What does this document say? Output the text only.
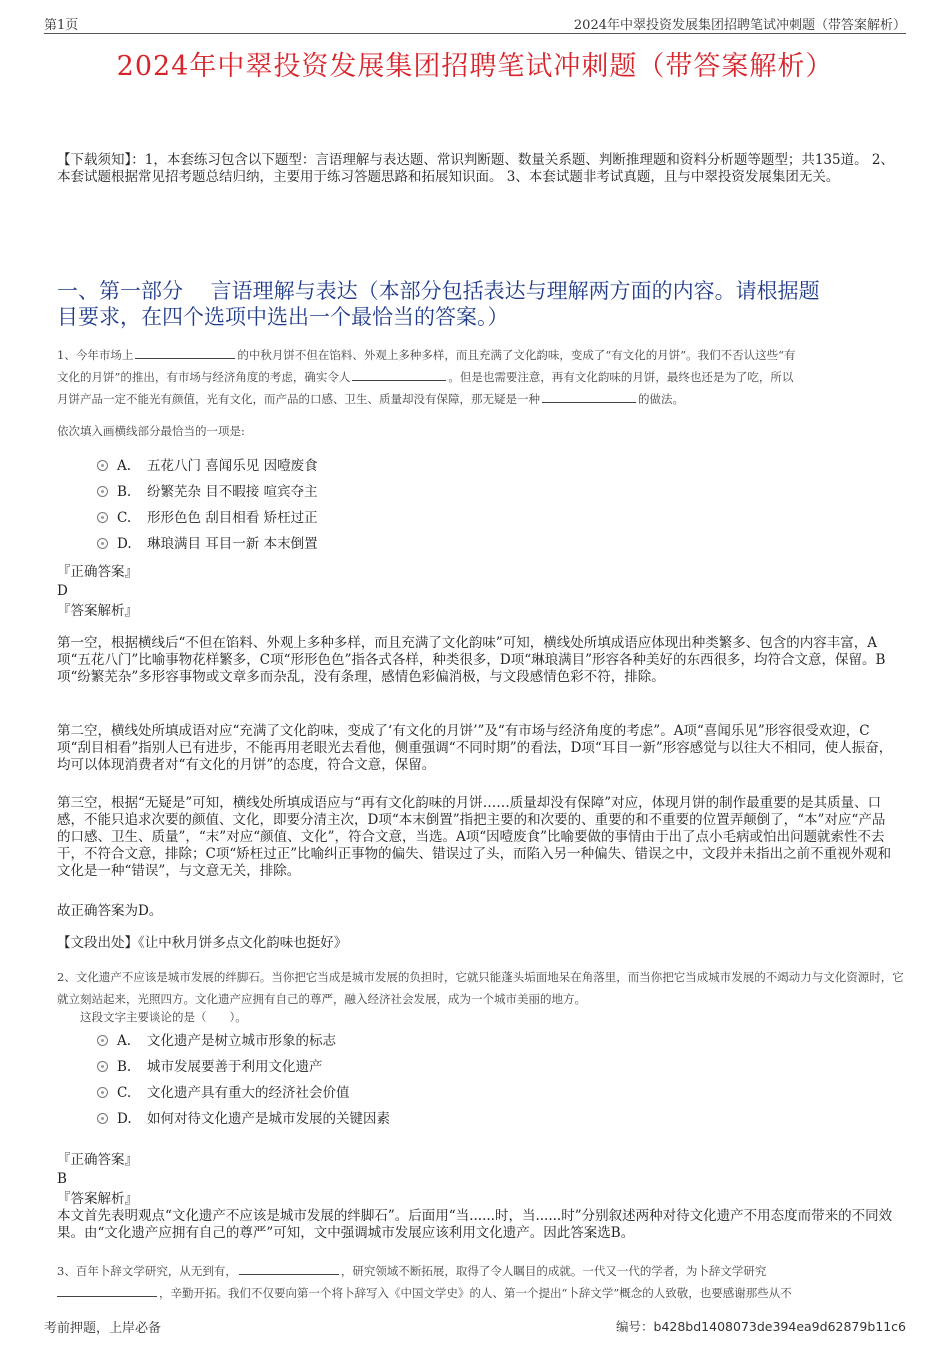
第1页	2024年中翠投资发展集团招聘笔试冲刺题（带答案解析）
2024年中翠投资发展集团招聘笔试冲刺题（带答案解析）
【下载须知】：1，本套练习包含以下题型：言语理解与表达题、常识判断题、数量关系题、判断推理题和资料分析题等题型；共135道。 2、本套试题根据常见招考题总结归纳，主要用于练习答题思路和拓展知识面。 3、本套试题非考试真题，且与中翠投资发展集团无关。
一、第一部分　 言语理解与表达（本部分包括表达与理解两方面的内容。请根据题
目要求，在四个选项中选出一个最恰当的答案。）
1、今年市场上	的中秋月饼不但在馅料、外观上多种多样，而且充满了文化韵味，变成了“有文化的月饼”。我们不否认这些“有
文化的月饼”的推出，有市场与经济角度的考虑，确实令人	。但是也需要注意，再有文化韵味的月饼，最终也还是为了吃，所以
月饼产品一定不能光有颜值，光有文化，而产品的口感、卫生、质量却没有保障，那无疑是一种	的做法。
依次填入画横线部分最恰当的一项是:
A. 五花八门 喜闻乐见 因噎废食
B. 纷繁芜杂 目不暇接 喧宾夺主
C. 形形色色 刮目相看 矫枉过正
D. 琳琅满目 耳目一新 本末倒置
『正确答案』
D
『答案解析』
第一空，根据横线后“不但在馅料、外观上多种多样，而且充满了文化韵味”可知，横线处所填成语应体现出种类繁多、包含的内容丰富，A项“五花八门”比喻事物花样繁多，C项“形形色色”指各式各样，种类很多，D项“琳琅满目”形容各种美好的东西很多，均符合文意，保留。B项“纷繁芜杂”多形容事物或文章多而杂乱，没有条理，感情色彩偏消极，与文段感情色彩不符，排除。
第二空，横线处所填成语对应“充满了文化韵味，变成了‘有文化的月饼’”及“有市场与经济角度的考虑”。A项“喜闻乐见”形容很受欢迎，C项“刮目相看”指别人已有进步，不能再用老眼光去看他，侧重强调“不同时期”的看法，D项“耳目一新”形容感觉与以往大不相同，使人振奋，均可以体现消费者对“有文化的月饼”的态度，符合文意，保留。
第三空，根据“无疑是”可知，横线处所填成语应与“再有文化韵味的月饼……质量却没有保障”对应，体现月饼的制作最重要的是其质量、口感，不能只追求次要的颜值、文化，即要分清主次，D项“本末倒置”指把主要的和次要的、重要的和不重要的位置弄颠倒了，“本”对应“产品的口感、卫生、质量”，“末”对应“颜值、文化”，符合文意，当选。A项“因噎废食”比喻要做的事情由于出了点小毛病或怕出问题就索性不去干，不符合文意，排除；C项“矫枉过正”比喻纠正事物的偏失、错误过了头，而陷入另一种偏失、错误之中，文段并未指出之前不重视外观和文化是一种“错误”，与文意无关，排除。
故正确答案为D。
【文段出处】《让中秋月饼多点文化韵味也挺好》
2、文化遗产不应该是城市发展的绊脚石。当你把它当成是城市发展的负担时，它就只能蓬头垢面地呆在角落里，而当你把它当成城市发展的不竭动力与文化资源时，它就立刻站起来，光照四方。文化遗产应拥有自己的尊严，融入经济社会发展，成为一个城市美丽的地方。
这段文字主要谈论的是（　　）。
A. 文化遗产是树立城市形象的标志
B. 城市发展要善于利用文化遗产
C. 文化遗产具有重大的经济社会价值
D. 如何对待文化遗产是城市发展的关键因素
『正确答案』
B
『答案解析』
本文首先表明观点“文化遗产不应该是城市发展的绊脚石”。后面用“当......时，当......时”分别叙述两种对待文化遗产不用态度而带来的不同效果。由“文化遗产应拥有自己的尊严”可知，文中强调城市发展应该利用文化遗产。因此答案选B。
3、百年卜辞文学研究，从无到有，	，研究领域不断拓展，取得了令人瞩目的成就。一代又一代的学者，为卜辞文学研究
，辛勤开拓。我们不仅要向第一个将卜辞写入《中国文学史》的人、第一个提出“卜辞文学”概念的人致敬，也要感谢那些从不
考前押题，上岸必备	编号：b428bd1408073de394ea9d62879b11c6
